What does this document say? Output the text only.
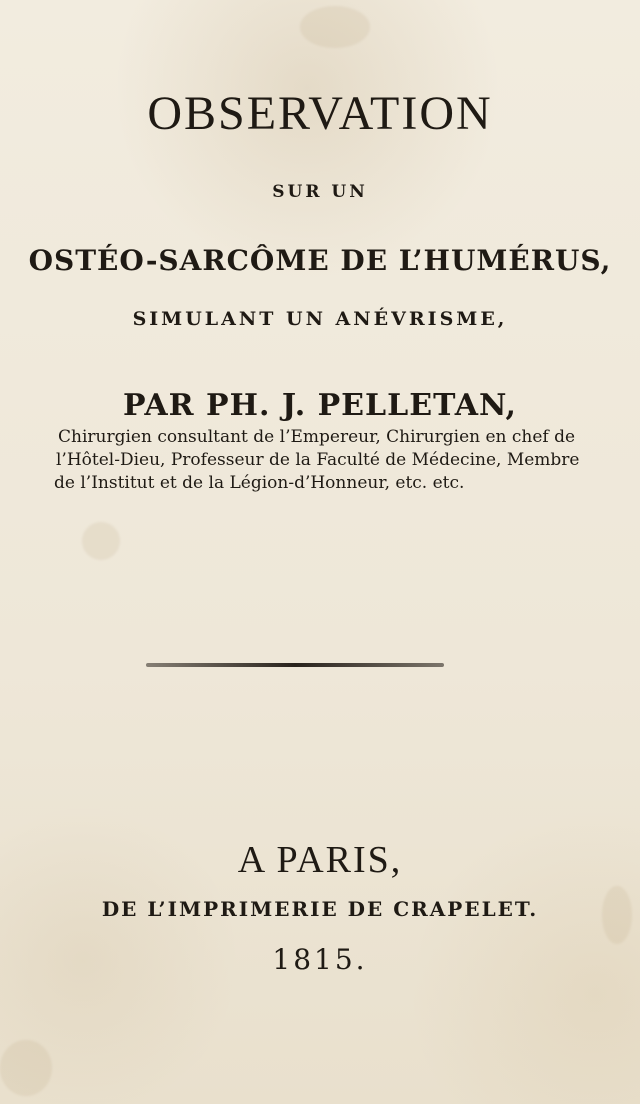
OBSERVATION
SUR UN
OSTÉO-SARCÔME DE L’HUMÉRUS,
SIMULANT UN ANÉVRISME,
PAR PH. J. PELLETAN,
Chirurgien consultant de l’Empereur, Chirurgien en chef de
l’Hôtel-Dieu, Professeur de la Faculté de Médecine, Membre
de l’Institut et de la Légion-d’Honneur, etc. etc.
A PARIS,
DE L’IMPRIMERIE DE CRAPELET.
1815.
